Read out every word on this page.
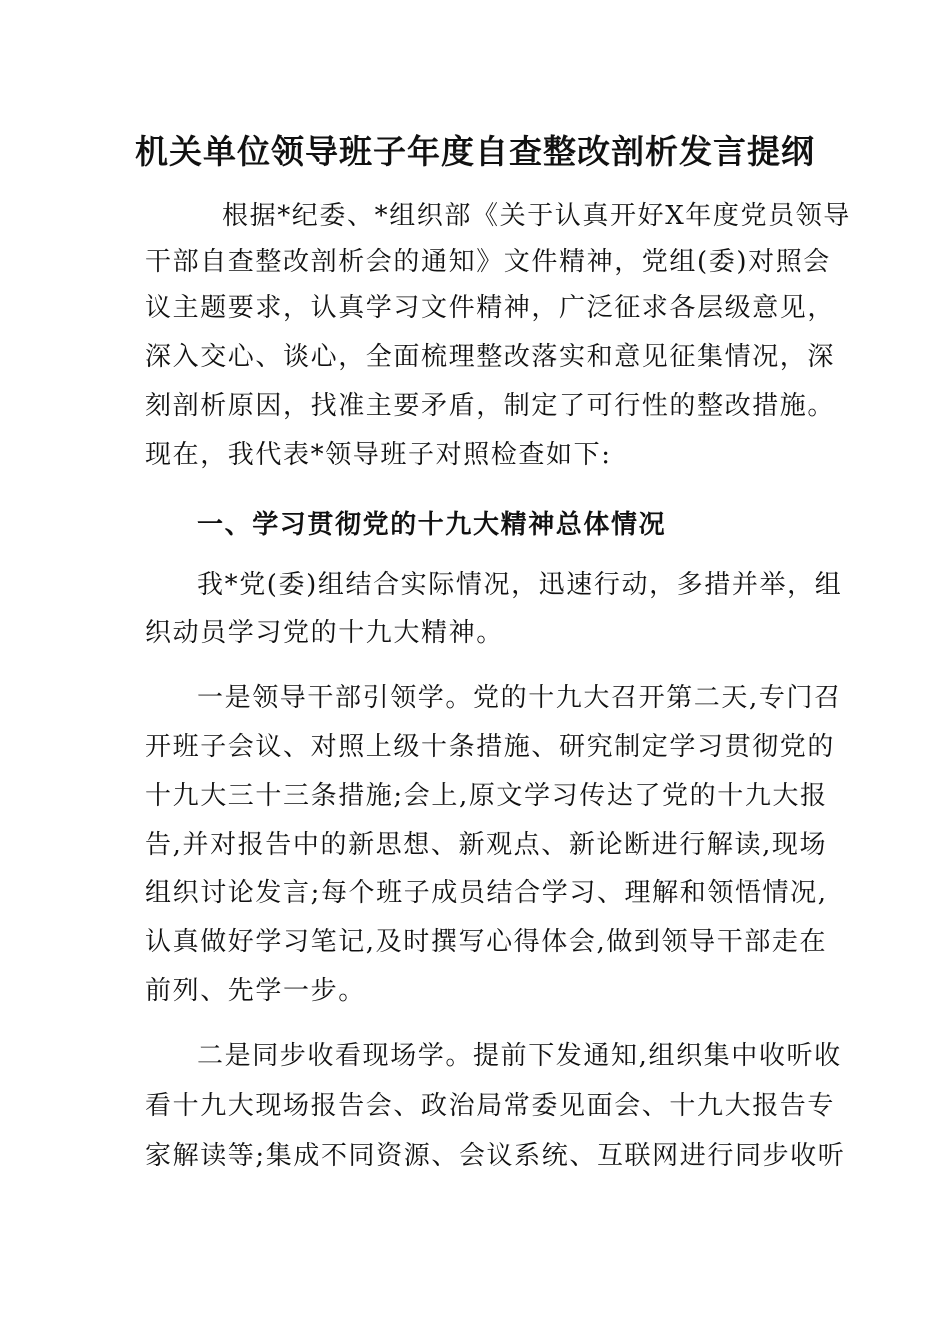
机关单位领导班子年度自查整改剖析发言提纲
根据*纪委、*组织部《关于认真开好X年度党员领导
干部自查整改剖析会的通知》文件精神，党组(委)对照会
议主题要求，认真学习文件精神，广泛征求各层级意见，
深入交心、谈心，全面梳理整改落实和意见征集情况，深
刻剖析原因，找准主要矛盾，制定了可行性的整改措施。
现在，我代表*领导班子对照检查如下:
一、学习贯彻党的十九大精神总体情况
我*党(委)组结合实际情况，迅速行动，多措并举，组
织动员学习党的十九大精神。
一是领导干部引领学。党的十九大召开第二天,专门召
开班子会议、对照上级十条措施、研究制定学习贯彻党的
十九大三十三条措施;会上,原文学习传达了党的十九大报
告,并对报告中的新思想、新观点、新论断进行解读,现场
组织讨论发言;每个班子成员结合学习、理解和领悟情况,
认真做好学习笔记,及时撰写心得体会,做到领导干部走在
前列、先学一步。
二是同步收看现场学。提前下发通知,组织集中收听收
看十九大现场报告会、政治局常委见面会、十九大报告专
家解读等;集成不同资源、会议系统、互联网进行同步收听
